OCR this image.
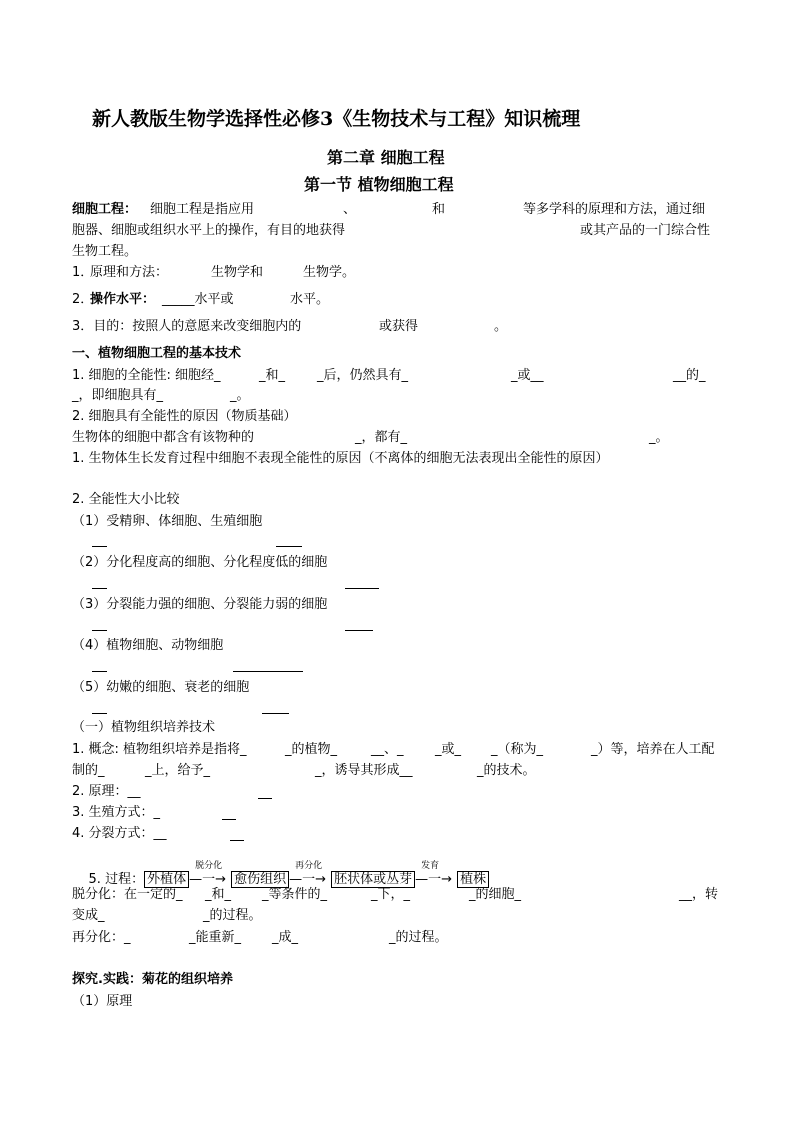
新人教版生物学选择性必修3《生物技术与工程》知识梳理
第二章 细胞工程
第一节 植物细胞工程
细胞工程： 细胞工程是指应用	、	和	等多学科的原理和方法，通过细
胞器、细胞或组织水平上的操作，有目的地获得	或其产品的一门综合性
生物工程。
1．
原理和方法：	生物学和	生物学。
2．
操作水平： _____水平或	水平。
3．目的：按照人的意愿来改变细胞内的	或获得	。
一、植物细胞工程的基本技术
1. 细胞的全能性: 细胞经_	_和_ _后，仍然具有_	_或__	__的_
_，即细胞具有_	_。
2. 细胞具有全能性的原因（物质基础）
生物体的细胞中都含有该物种的	_，都有_	_。
1. 生物体生长发育过程中细胞不表现全能性的原因（不离体的细胞无法表现出全能性的原因）
2. 全能性大小比较
（1）受精卵、体细胞、生殖细胞
（2）分化程度高的细胞、分化程度低的细胞
（3）分裂能力强的细胞、分裂能力弱的细胞
（4）植物细胞、动物细胞
（5）幼嫩的细胞、衰老的细胞
（一）植物组织培养技术
1. 概念: 植物组织培养是指将_	_的植物_	__、_ _或_ _（称为_	_）等，培养在人工配
制的_	_上，给予_	_，诱导其形成__	_的技术。
2. 原理：__
3. 生殖方式：_
4. 分裂方式：__

5. 过程： 外植体
脱分化
—一→ 愈伤组织
再分化
—一→ 胚状体或丛芽
发育
—一→ 植株

脱分化：在一定的_ _和_ _等条件的_	_下，_	_的细胞_	__，转
变成_	_的过程。
再分化：_	_能重新_ _成_	_的过程。
探究.实践：菊花的组织培养
（1）原理
